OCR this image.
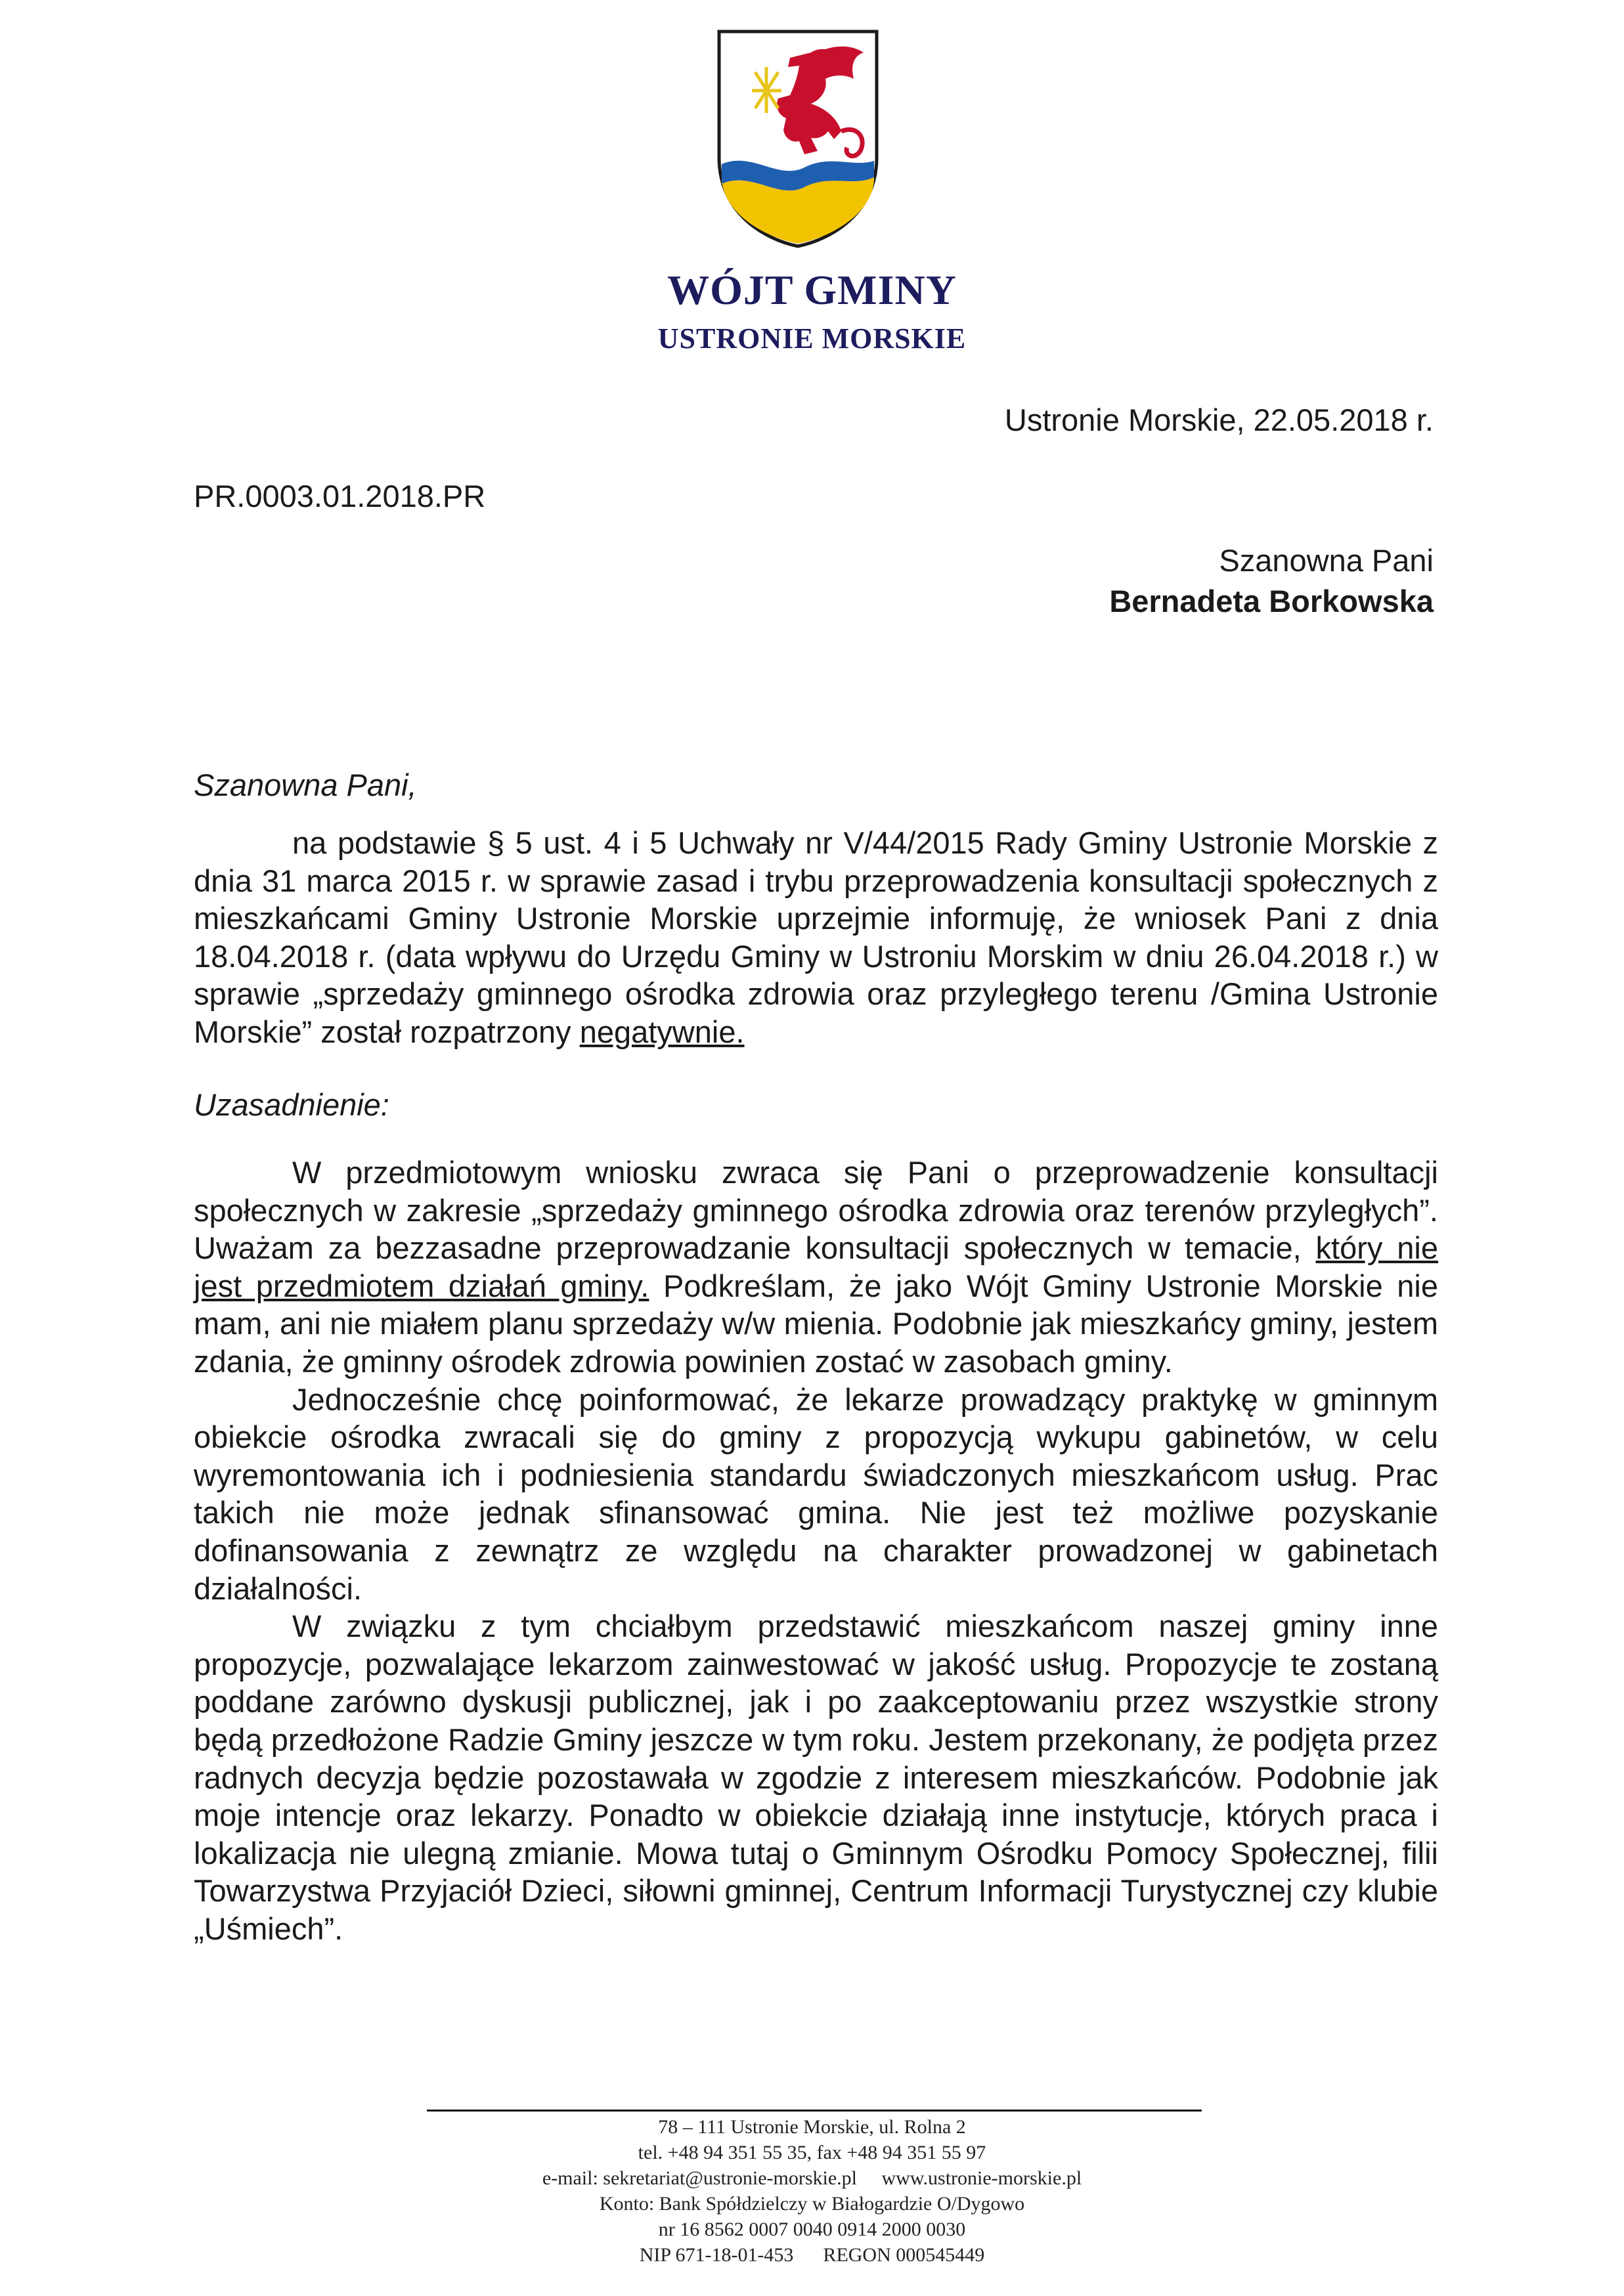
WÓJT GMINY
USTRONIE MORSKIE
Ustronie Morskie, 22.05.2018 r.
PR.0003.01.2018.PR
Szanowna Pani
Bernadeta Borkowska
Szanowna Pani,

na podstawie § 5 ust. 4 i 5 Uchwały nr V/44/2015 Rady Gminy Ustronie Morskie z dnia 31 marca 2015 r. w sprawie zasad i trybu przeprowadzenia konsultacji społecznych z mieszkańcami Gminy Ustronie Morskie uprzejmie informuję, że wniosek Pani z dnia 18.04.2018 r. (data wpływu do Urzędu Gminy w Ustroniu Morskim w dniu 26.04.2018 r.) w sprawie „sprzedaży gminnego ośrodka zdrowia oraz przyległego terenu /Gmina Ustronie Morskie” został rozpatrzony negatywnie.

Uzasadnienie:

W przedmiotowym wniosku zwraca się Pani o przeprowadzenie konsultacji społecznych w zakresie „sprzedaży gminnego ośrodka zdrowia oraz terenów przyległych”. Uważam za bezzasadne przeprowadzanie konsultacji społecznych w temacie, który nie jest przedmiotem działań gminy. Podkreślam, że jako Wójt Gminy Ustronie Morskie nie mam, ani nie miałem planu sprzedaży w/w mienia. Podobnie jak mieszkańcy gminy, jestem zdania, że gminny ośrodek zdrowia powinien zostać w zasobach gminy.

Jednocześnie chcę poinformować, że lekarze prowadzący praktykę w gminnym obiekcie ośrodka zwracali się do gminy z propozycją wykupu gabinetów, w celu wyremontowania ich i podniesienia standardu świadczonych mieszkańcom usług. Prac takich nie może jednak sfinansować gmina. Nie jest też możliwe pozyskanie dofinansowania z zewnątrz ze względu na charakter prowadzonej w gabinetach działalności.

W związku z tym chciałbym przedstawić mieszkańcom naszej gminy inne propozycje, pozwalające lekarzom zainwestować w jakość usług. Propozycje te zostaną poddane zarówno dyskusji publicznej, jak i po zaakceptowaniu przez wszystkie strony będą przedłożone Radzie Gminy jeszcze w tym roku. Jestem przekonany, że podjęta przez radnych decyzja będzie pozostawała w zgodzie z interesem mieszkańców. Podobnie jak moje intencje oraz lekarzy. Ponadto w obiekcie działają inne instytucje, których praca i lokalizacja nie ulegną zmianie. Mowa tutaj o Gminnym Ośrodku Pomocy Społecznej, filii Towarzystwa Przyjaciół Dzieci, siłowni gminnej, Centrum Informacji Turystycznej czy klubie „Uśmiech”.

78 – 111 Ustronie Morskie, ul. Rolna 2
tel. +48 94 351 55 35, fax +48 94 351 55 97
e-mail: sekretariat@ustronie-morskie.pl     www.ustronie-morskie.pl
Konto: Bank Spółdzielczy w Białogardzie O/Dygowo
nr 16 8562 0007 0040 0914 2000 0030
NIP 671-18-01-453      REGON 000545449
